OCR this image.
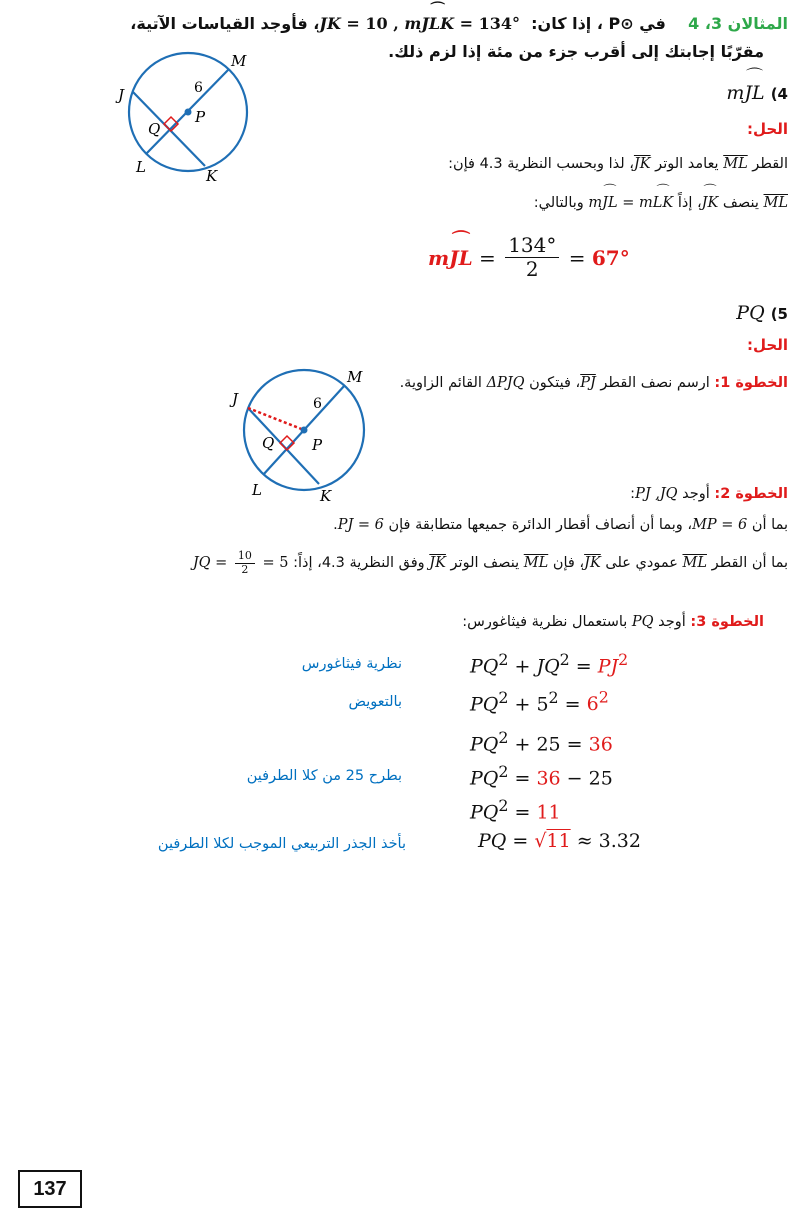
المثالان 3، 4    في ⊙P ، إذا كان: JK = 10 , m⌒ JLK = 134° ، فأوجد القياسات الآتية،
مقرّبًا إجابتك إلى أقرب جزء من مئة إذا لزم ذلك.
M
J
P
Q
L	K
6	m⌒ JL (4
الحل:
القطر ML يعامد الوتر JK، لذا وبحسب النظرية 4.3 فإن:
ML ينصف ⌒ JK، إذاً m⌒ JL = m⌒ LK وبالتالي:
m⌒ JL = $\frac{134^\circ}{2} = 67^\circ$
PQ (5
الحل:
M
J
P
Q
L	K
6
الخطوة 1: ارسم نصف القطر PJ، فيتكون ΔPJQ القائم الزاوية.
الخطوة 2: أوجد PJ ,JQ:
بما أن MP = 6، وبما أن أنصاف أقطار الدائرة جميعها متطابقة فإن PJ = 6.
بما أن القطر ML عمودي على JK، فإن ML ينصف الوتر JK وفق النظرية 4.3، إذاً: JQ = $\frac{10}{2} = 5$
الخطوة 3: أوجد PQ باستعمال نظرية فيثاغورس:
$PQ^2 + JQ^2 = PJ^2$
نظرية فيثاغورس
$PQ^2 + 5^2 = 6^2$
بالتعويض
$PQ^2 + 25 = 36$
$PQ^2 = 36 - 25$
بطرح 25 من كلا الطرفين
$PQ^2 = 11$
PQ = √11 ≈ 3.32
بأخذ الجذر التربيعي الموجب لكلا الطرفين
137
